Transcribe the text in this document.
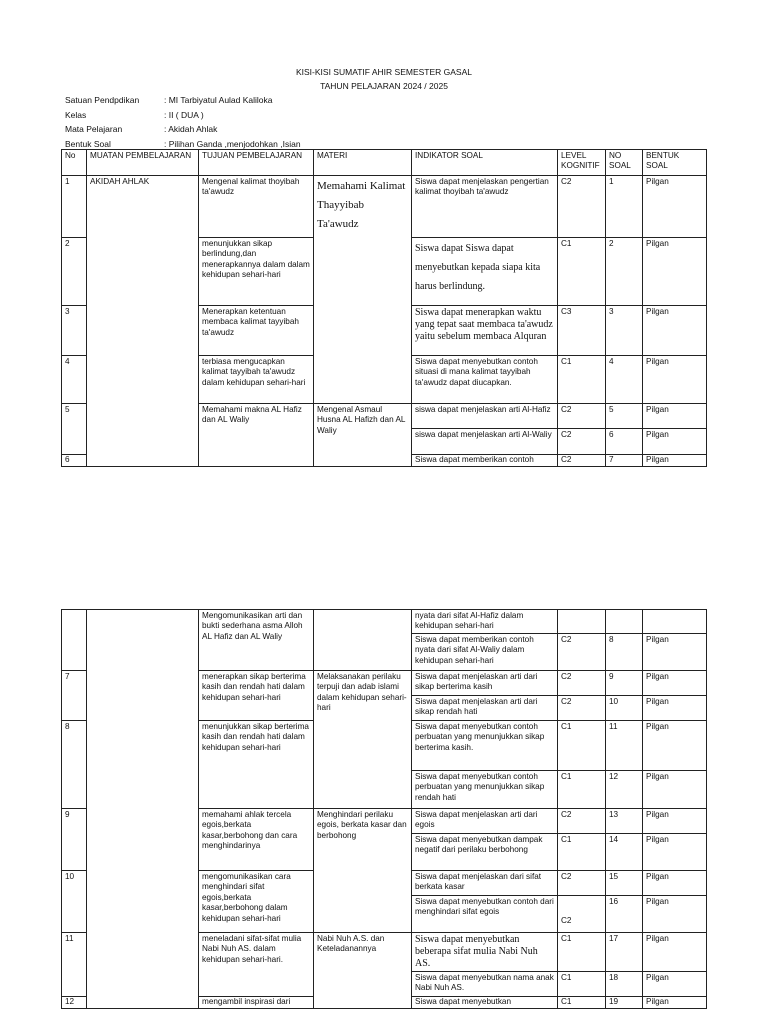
KISI-KISI SUMATIF AHIR SEMESTER GASAL
TAHUN PELAJARAN 2024 / 2025
Satuan Pendpdikan	: MI Tarbiyatul Aulad Kaliloka
Kelas	: II ( DUA )
Mata Pelajaran	: Akidah Ahlak
Bentuk Soal	: Pilihan Ganda ,menjodohkan ,Isian
No	MUATAN PEMBELAJARAN	TUJUAN PEMBELAJARAN	MATERI	INDIKATOR SOAL	LEVEL KOGNITIF	NO SOAL	BENTUK SOAL
1	AKIDAH AHLAK	Mengenal kalimat thoyibah ta'awudz	Memahami Kalimat Thayyibab Ta'awudz	Siswa dapat menjelaskan pengertian kalimat thoyibah ta'awudz	C2	1	Pilgan
2		menunjukkan sikap berlindung,dan menerapkannya dalam dalam kehidupan sehari-hari		Siswa dapat Siswa dapat menyebutkan kepada siapa kita harus berlindung.	C1	2	Pilgan
3		Menerapkan ketentuan membaca kalimat tayyibah ta'awudz		Siswa dapat menerapkan waktu yang tepat saat membaca ta'awudz yaitu sebelum membaca Alquran	C3	3	Pilgan
4		terbiasa mengucapkan kalimat tayyibah ta'awudz dalam kehidupan sehari-hari		Siswa dapat menyebutkan contoh situasi di mana kalimat tayyibah ta'awudz dapat diucapkan.	C1	4	Pilgan
5		Memahami makna AL Hafiz dan AL Waliy	Mengenal Asmaul Husna AL Hafizh dan AL Waliy	siswa dapat menjelaskan arti Al-Hafiz	C2	5	Pilgan
				siswa dapat menjelaskan arti Al-Waliy	C2	6	Pilgan
6				Siswa dapat memberikan contoh	C2	7	Pilgan
		Mengomunikasikan arti dan bukti sederhana asma Alloh AL Hafiz dan AL Waliy		nyata dari sifat Al-Hafiz dalam kehidupan sehari-hari			
				Siswa dapat memberikan contoh nyata dari sifat Al-Waliy dalam kehidupan sehari-hari	C2	8	Pilgan
7		menerapkan sikap berterima kasih dan rendah hati dalam kehidupan sehari-hari	Melaksanakan perilaku terpuji dan adab islami dalam kehidupan sehari-hari	Siswa dapat menjelaskan arti dari sikap berterima kasih	C2	9	Pilgan
				Siswa dapat menjelaskan arti dari sikap rendah hati	C2	10	Pilgan
8		menunjukkan sikap berterima kasih dan rendah hati dalam kehidupan sehari-hari		Siswa dapat menyebutkan contoh perbuatan yang menunjukkan sikap berterima kasih.	C1	11	Pilgan
				Siswa dapat menyebutkan contoh perbuatan yang menunjukkan sikap rendah hati	C1	12	Pilgan
9		memahami ahlak tercela egois,berkata kasar,berbohong dan cara menghindarinya	Menghindari perilaku egois, berkata kasar dan berbohong	Siswa dapat menjelaskan arti dari egois	C2	13	Pilgan
				Siswa dapat menyebutkan dampak negatif dari perilaku berbohong	C1	14	Pilgan
10		mengomunikasikan cara menghindari sifat egois,berkata kasar,berbohong dalam kehidupan sehari-hari		Siswa dapat menjelaskan dari sifat berkata kasar	C2	15	Pilgan
				Siswa dapat menyebutkan contoh dari menghindari sifat egois	C2	16	Pilgan
11		meneladani sifat-sifat mulia Nabi Nuh AS. dalam kehidupan sehari-hari.	Nabi Nuh A.S. dan Keteladanannya	Siswa dapat menyebutkan beberapa sifat mulia Nabi Nuh AS.	C1	17	Pilgan
				Siswa dapat menyebutkan nama anak Nabi Nuh AS.	C1	18	Pilgan
12		mengambil inspirasi dari		Siswa dapat menyebutkan	C1	19	Pilgan
